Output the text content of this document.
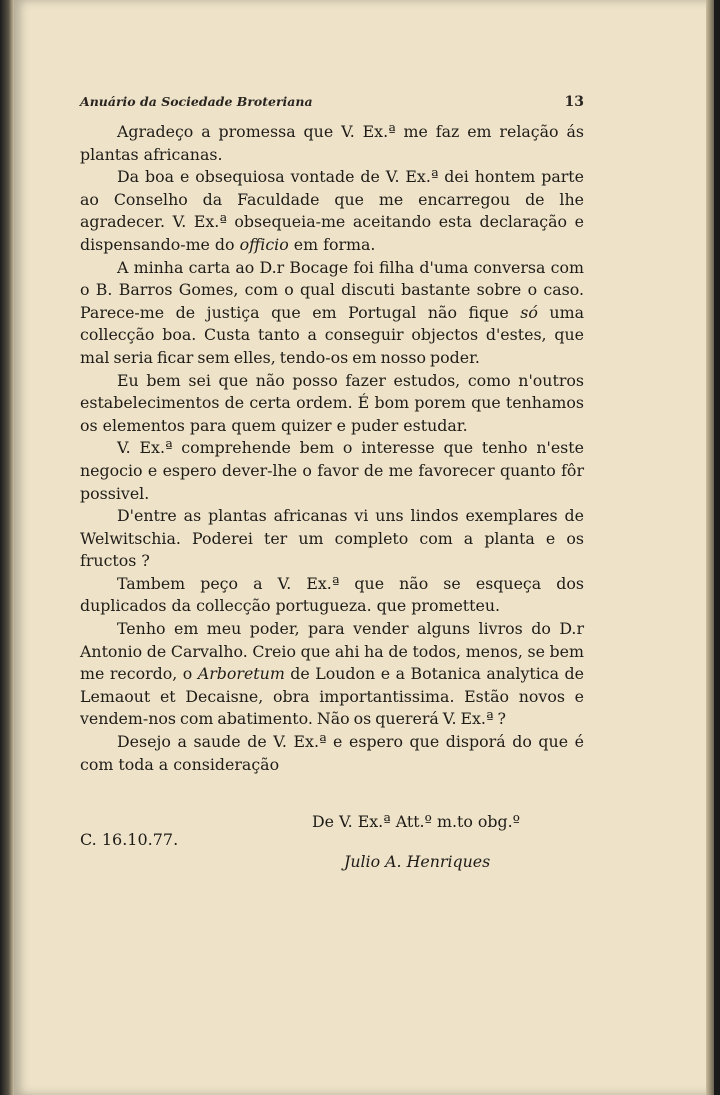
Anuário da Sociedade Broteriana	13

Agradeço a promessa que V. Ex.ª me faz em relação ás plantas africanas.

Da boa e obsequiosa vontade de V. Ex.ª dei hontem parte ao Conselho da Faculdade que me encarregou de lhe agradecer. V. Ex.ª obsequeia-me aceitando esta declaração e dispensando-me do officio em forma.

A minha carta ao D.r Bocage foi filha d'uma conversa com o B. Barros Gomes, com o qual discuti bastante sobre o caso. Parece-me de justiça que em Portugal não fique só uma collecção boa. Custa tanto a conseguir objectos d'estes, que mal seria ficar sem elles, tendo-os em nosso poder.

Eu bem sei que não posso fazer estudos, como n'outros estabelecimentos de certa ordem. É bom porem que tenhamos os elementos para quem quizer e puder estudar.

V. Ex.ª comprehende bem o interesse que tenho n'este negocio e espero dever-lhe o favor de me favorecer quanto fôr possivel.

D'entre as plantas africanas vi uns lindos exemplares de Welwitschia. Poderei ter um completo com a planta e os fructos ?

Tambem peço a V. Ex.ª que não se esqueça dos duplicados da collecção portugueza. que prometteu.

Tenho em meu poder, para vender alguns livros do D.r Antonio de Carvalho. Creio que ahi ha de todos, menos, se bem me recordo, o Arboretum de Loudon e a Botanica analytica de Lemaout et Decaisne, obra importantissima. Estão novos e vendem-nos com abatimento. Não os quererá V. Ex.ª ?

Desejo a saude de V. Ex.ª e espero que disporá do que é com toda a consideração

De V. Ex.ª Att.º m.to obg.º
C. 16.10.77.
Julio A. Henriques
